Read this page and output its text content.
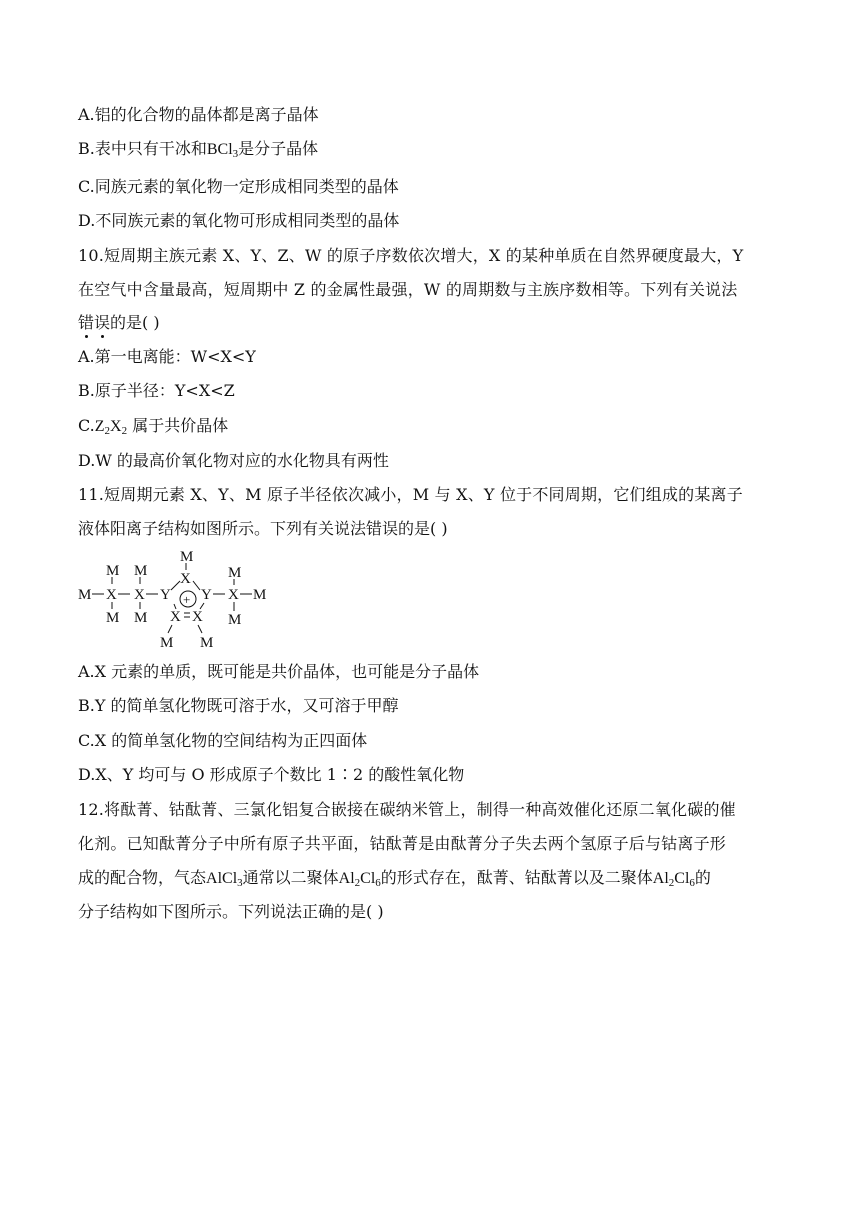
A.铝的化合物的晶体都是离子晶体
B.表中只有干冰和BCl$_3$是分子晶体
C.同族元素的氧化物一定形成相同类型的晶体
D.不同族元素的氧化物可形成相同类型的晶体
10.短周期主族元素 X、Y、Z、W 的原子序数依次增大，X 的某种单质在自然界硬度最大，Y
在空气中含量最高，短周期中 Z 的金属性最强，W 的周期数与主族序数相等。下列有关说法
错误
的是( )
A.第一电离能：W<X<Y
B.原子半径：Y<X<Z
$C.Z_2X_2$ 属于共价晶体
D.W 的最高价氧化物对应的水化物具有两性
11.短周期元素 X、Y、M 原子半径依次减小，M 与 X、Y 位于不同周期，它们组成的某离子
液体阳离子结构如图所示。下列有关说法错误的是( )
M X
M
M
X
M
M
Y
X
M
+ Y
X X
M M
X
M
M
M
A.X 元素的单质，既可能是共价晶体，也可能是分子晶体
B.Y 的简单氢化物既可溶于水，又可溶于甲醇
C.X 的简单氢化物的空间结构为正四面体
D.X、Y 均可与 O 形成原子个数比 1∶2 的酸性氧化物
12.将酞菁、钴酞菁、三氯化铝复合嵌接在碳纳米管上，制得一种高效催化还原二氧化碳的催
化剂。已知酞菁分子中所有原子共平面，钴酞菁是由酞菁分子失去两个氢原子后与钴离子形
成的配合物，气态AlCl$_3$通常以二聚体$Al_2Cl_6$的形式存在，酞菁、钴酞菁以及二聚体$Al_2Cl_6$的
分子结构如下图所示。下列说法正确的是( )
